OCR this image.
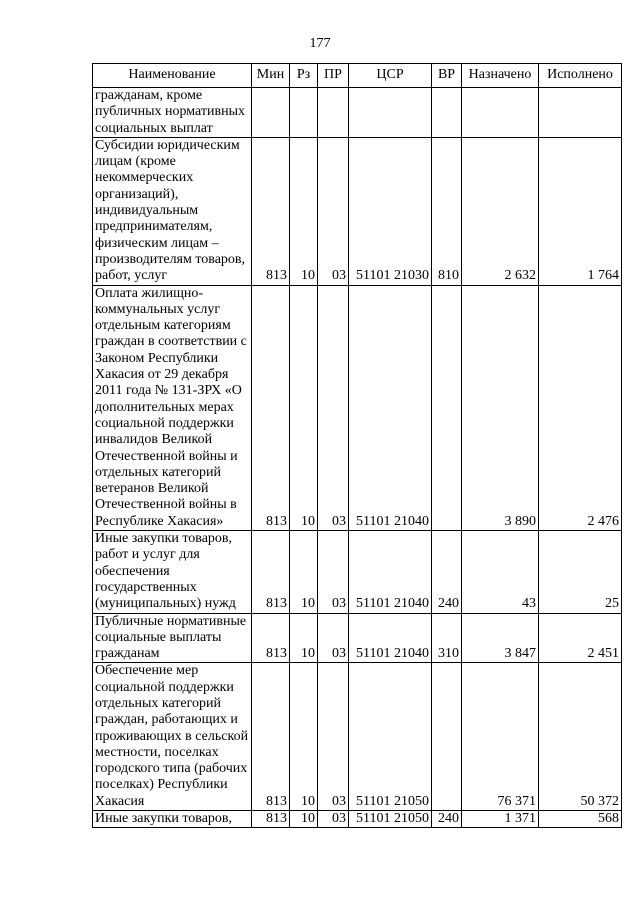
177
Наименование	Мин	Рз	ПР	ЦСР	ВР	Назначено	Исполнено
гражданам, кроме публичных нормативных социальных выплат							
Субсидии юридическим лицам (кроме некоммерческих организаций), индивидуальным предпринимателям, физическим лицам – производителям товаров, работ, услуг	813	10	03	51101 21030	810	2 632	1 764
Оплата жилищно-коммунальных услуг отдельным категориям граждан в соответствии с Законом Республики Хакасия от 29 декабря 2011 года № 131-ЗРХ «О дополнительных мерах социальной поддержки инвалидов Великой Отечественной войны и отдельных категорий ветеранов Великой Отечественной войны в Республике Хакасия»	813	10	03	51101 21040		3 890	2 476
Иные закупки товаров, работ и услуг для обеспечения государственных (муниципальных) нужд	813	10	03	51101 21040	240	43	25
Публичные нормативные социальные выплаты гражданам	813	10	03	51101 21040	310	3 847	2 451
Обеспечение мер социальной поддержки отдельных категорий граждан, работающих и проживающих в сельской местности, поселках городского типа (рабочих поселках) Республики Хакасия	813	10	03	51101 21050		76 371	50 372
Иные закупки товаров,	813	10	03	51101 21050	240	1 371	568
